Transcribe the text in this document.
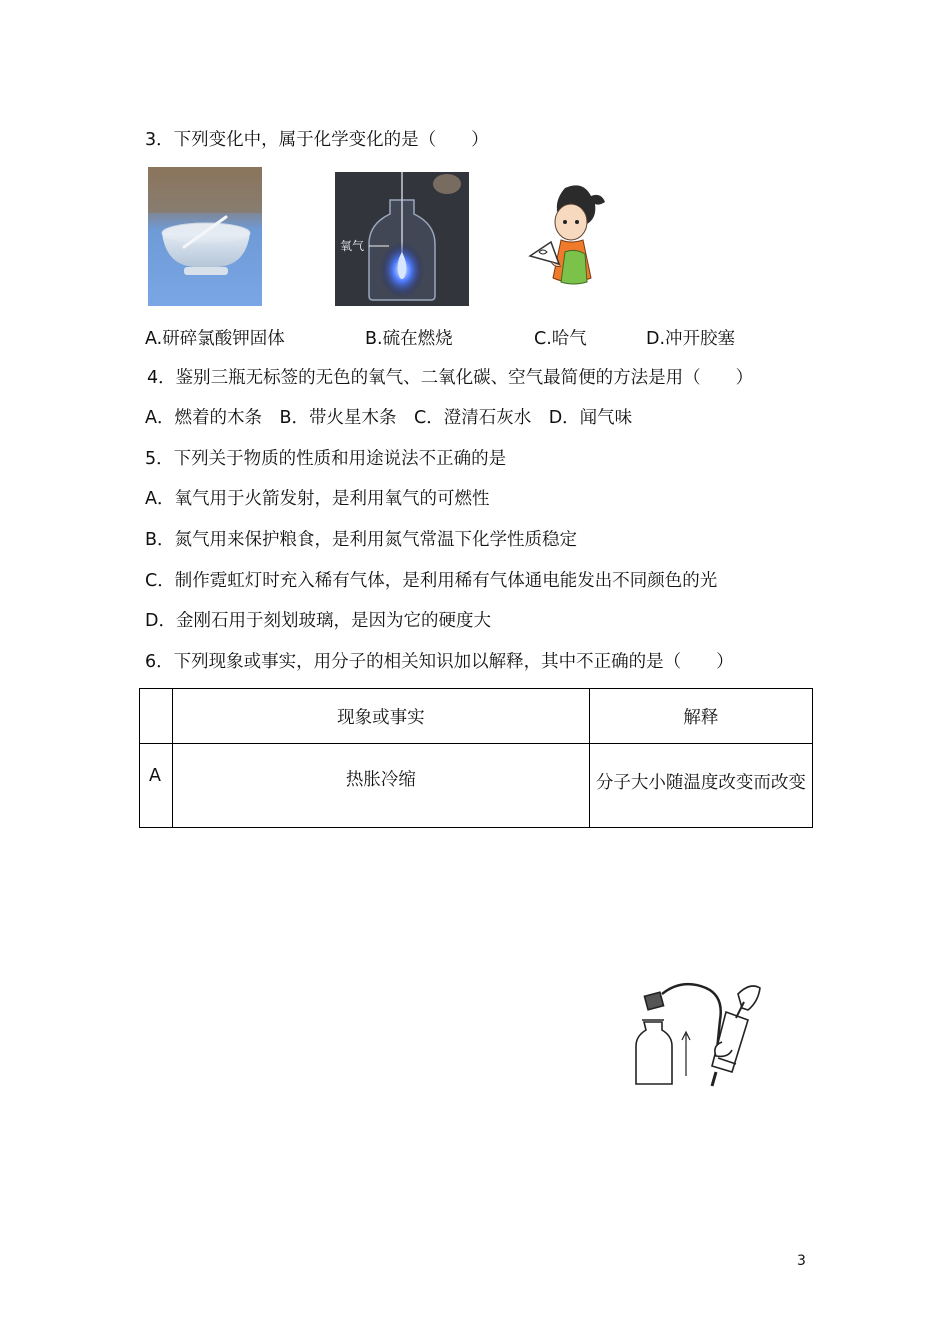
3．下列变化中，属于化学变化的是（　　）
氧气
A.研碎氯酸钾固体	B.硫在燃烧	C.哈气	D.冲开胶塞
4．鉴别三瓶无标签的无色的氧气、二氧化碳、空气最简便的方法是用（　　）
A．燃着的木条　B．带火星木条　C．澄清石灰水　D．闻气味
5．下列关于物质的性质和用途说法不正确的是
A．氧气用于火箭发射，是利用氧气的可燃性
B．氮气用来保护粮食，是利用氮气常温下化学性质稳定
C．制作霓虹灯时充入稀有气体，是利用稀有气体通电能发出不同颜色的光
D．金刚石用于刻划玻璃，是因为它的硬度大
6．下列现象或事实，用分子的相关知识加以解释，其中不正确的是（　　）
	现象或事实	解释
A	热胀冷缩	分子大小随温度改变而改变
3
